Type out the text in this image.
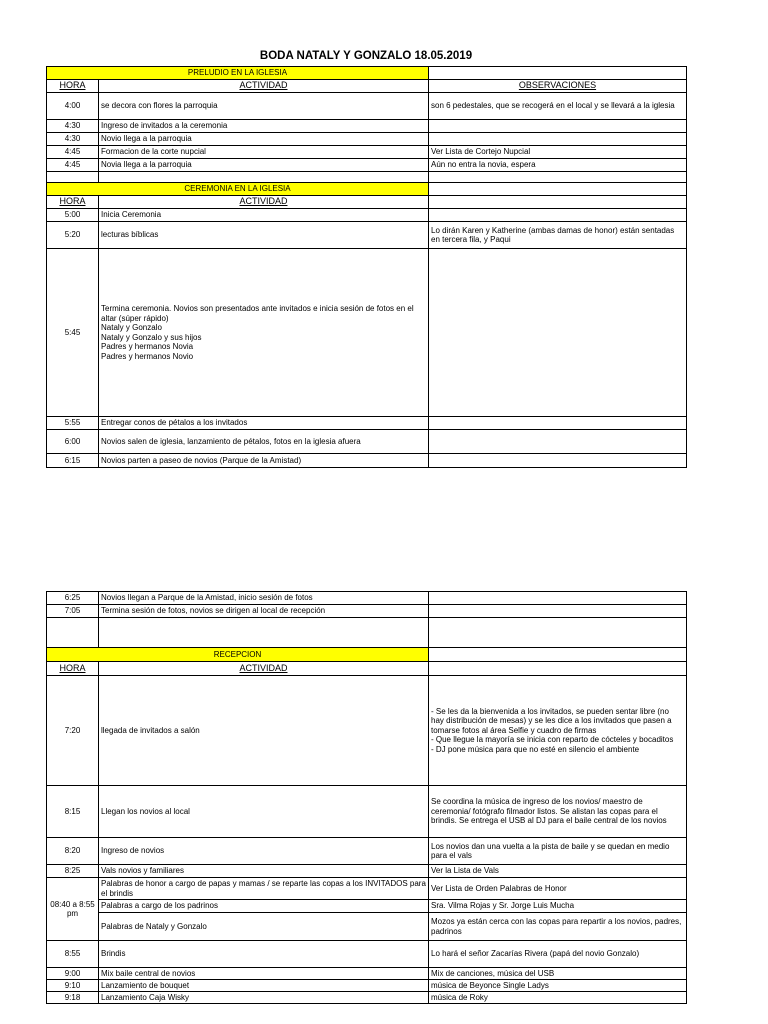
BODA NATALY Y GONZALO 18.05.2019
PRELUDIO EN LA IGLESIA		
HORA	ACTIVIDAD	OBSERVACIONES
4:00	se decora con flores la parroquia	son 6 pedestales, que se recogerá en el local y se llevará a la iglesia
4:30	Ingreso de invitados a la ceremonia	
4:30	Novio llega a la parroquia	
4:45	Formacion de la corte nupcial	Ver Lista de Cortejo Nupcial
4:45	Novia llega a la parroquia	Aún no entra la novia, espera

CEREMONIA EN LA IGLESIA		
HORA	ACTIVIDAD	
5:00	Inicia Ceremonia	
5:20	lecturas bíblicas	Lo dirán Karen y Katherine (ambas damas de honor) están sentadas en tercera fila, y Paqui
5:45	Termina ceremonia. Novios son presentados ante invitados e inicia sesión de fotos en el altar (súper rápido)
Nataly y Gonzalo
Nataly y Gonzalo y sus hijos
Padres y hermanos Novia
Padres y hermanos Novio	
5:55	Entregar conos de pétalos a los invitados	
6:00	Novios salen de iglesia, lanzamiento de pétalos, fotos en la iglesia afuera	
6:15	Novios parten a paseo de novios (Parque de la Amistad)	
6:25	Novios llegan a Parque de la Amistad, inicio sesión de fotos	
7:05	Termina sesión de fotos, novios se dirigen al local de recepción	

RECEPCION		
HORA	ACTIVIDAD	
7:20	llegada de invitados a salón	- Se les da la bienvenida a los invitados, se pueden sentar libre (no hay distribución de mesas) y se les dice a los invitados que pasen a tomarse fotos al área Selfie y cuadro de firmas
- Que llegue la mayoría se inicia con reparto de cócteles y bocaditos
- DJ pone música para que no esté en silencio el ambiente
8:15	Llegan los novios al local	Se coordina la música de ingreso de los novios/ maestro de ceremonia/ fotógrafo filmador listos. Se alistan las copas para el brindis. Se entrega el USB al DJ para el baile central de los novios
8:20	Ingreso de novios	Los novios dan una vuelta a la pista de baile y se quedan en medio para el vals
8:25	Vals novios y familiares	Ver la Lista de Vals
08:40 a 8:55 pm	Palabras de honor a cargo de papas y mamas / se reparte las copas a los INVITADOS para el brindis	Ver Lista de Orden Palabras de Honor
	Palabras a cargo de los padrinos	Sra. Vilma Rojas y Sr. Jorge Luis Mucha
	Palabras de Nataly y Gonzalo	Mozos ya están cerca con las copas para repartir a los novios, padres, padrinos
8:55	Brindis	Lo hará el señor Zacarías Rivera (papá del novio Gonzalo)
9:00	Mix baile central de novios	Mix de canciones, música del USB
9:10	Lanzamiento de bouquet	música de Beyonce Single Ladys
9:18	Lanzamiento Caja Wisky	música de Roky
